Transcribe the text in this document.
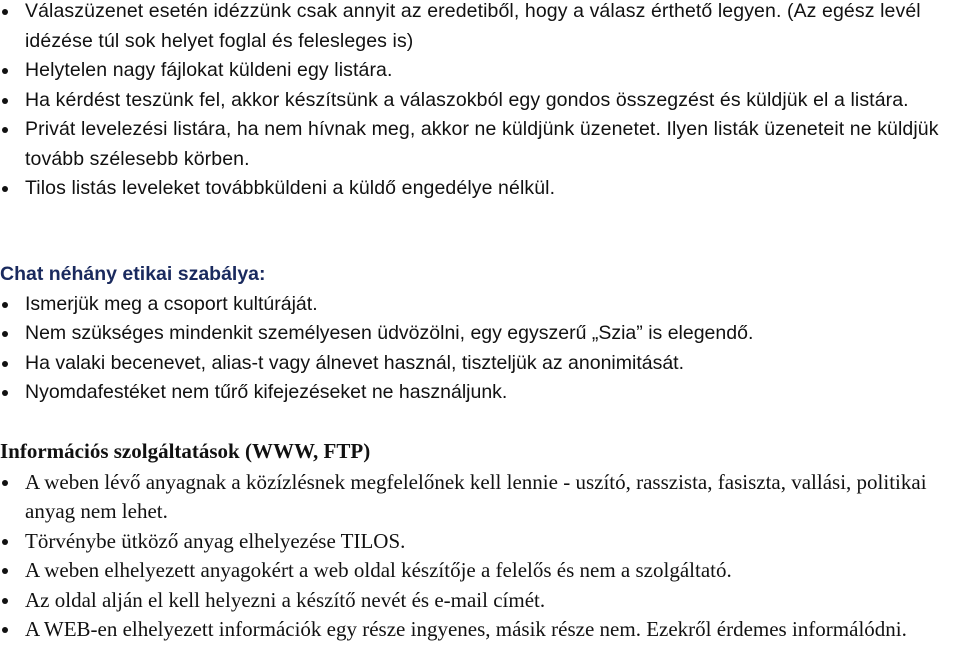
Válaszüzenet esetén idézzünk csak annyit az eredetiből, hogy a válasz érthető legyen. (Az egész levél idézése túl sok helyet foglal és felesleges is)
Helytelen nagy fájlokat küldeni egy listára.
Ha kérdést teszünk fel, akkor készítsünk a válaszokból egy gondos összegzést és küldjük el a listára.
Privát levelezési listára, ha nem hívnak meg, akkor ne küldjünk üzenetet. Ilyen listák üzeneteit ne küldjük tovább szélesebb körben.
Tilos listás leveleket továbbküldeni a küldő engedélye nélkül.
Chat néhány etikai szabálya:
Ismerjük meg a csoport kultúráját.
Nem szükséges mindenkit személyesen üdvözölni, egy egyszerű „Szia” is elegendő.
Ha valaki becenevet, alias-t vagy álnevet használ, tiszteljük az anonimitását.
Nyomdafestéket nem tűrő kifejezéseket ne használjunk.
Információs szolgáltatások (WWW, FTP)
A weben lévő anyagnak a közízlésnek megfelelőnek kell lennie - uszító, rasszista, fasiszta, vallási, politikai anyag nem lehet.
Törvénybe ütköző anyag elhelyezése TILOS.
A weben elhelyezett anyagokért a web oldal készítője a felelős és nem a szolgáltató.
Az oldal alján el kell helyezni a készítő nevét és e-mail címét.
A WEB-en elhelyezett információk egy része ingyenes, másik része nem. Ezekről érdemes informálódni.
